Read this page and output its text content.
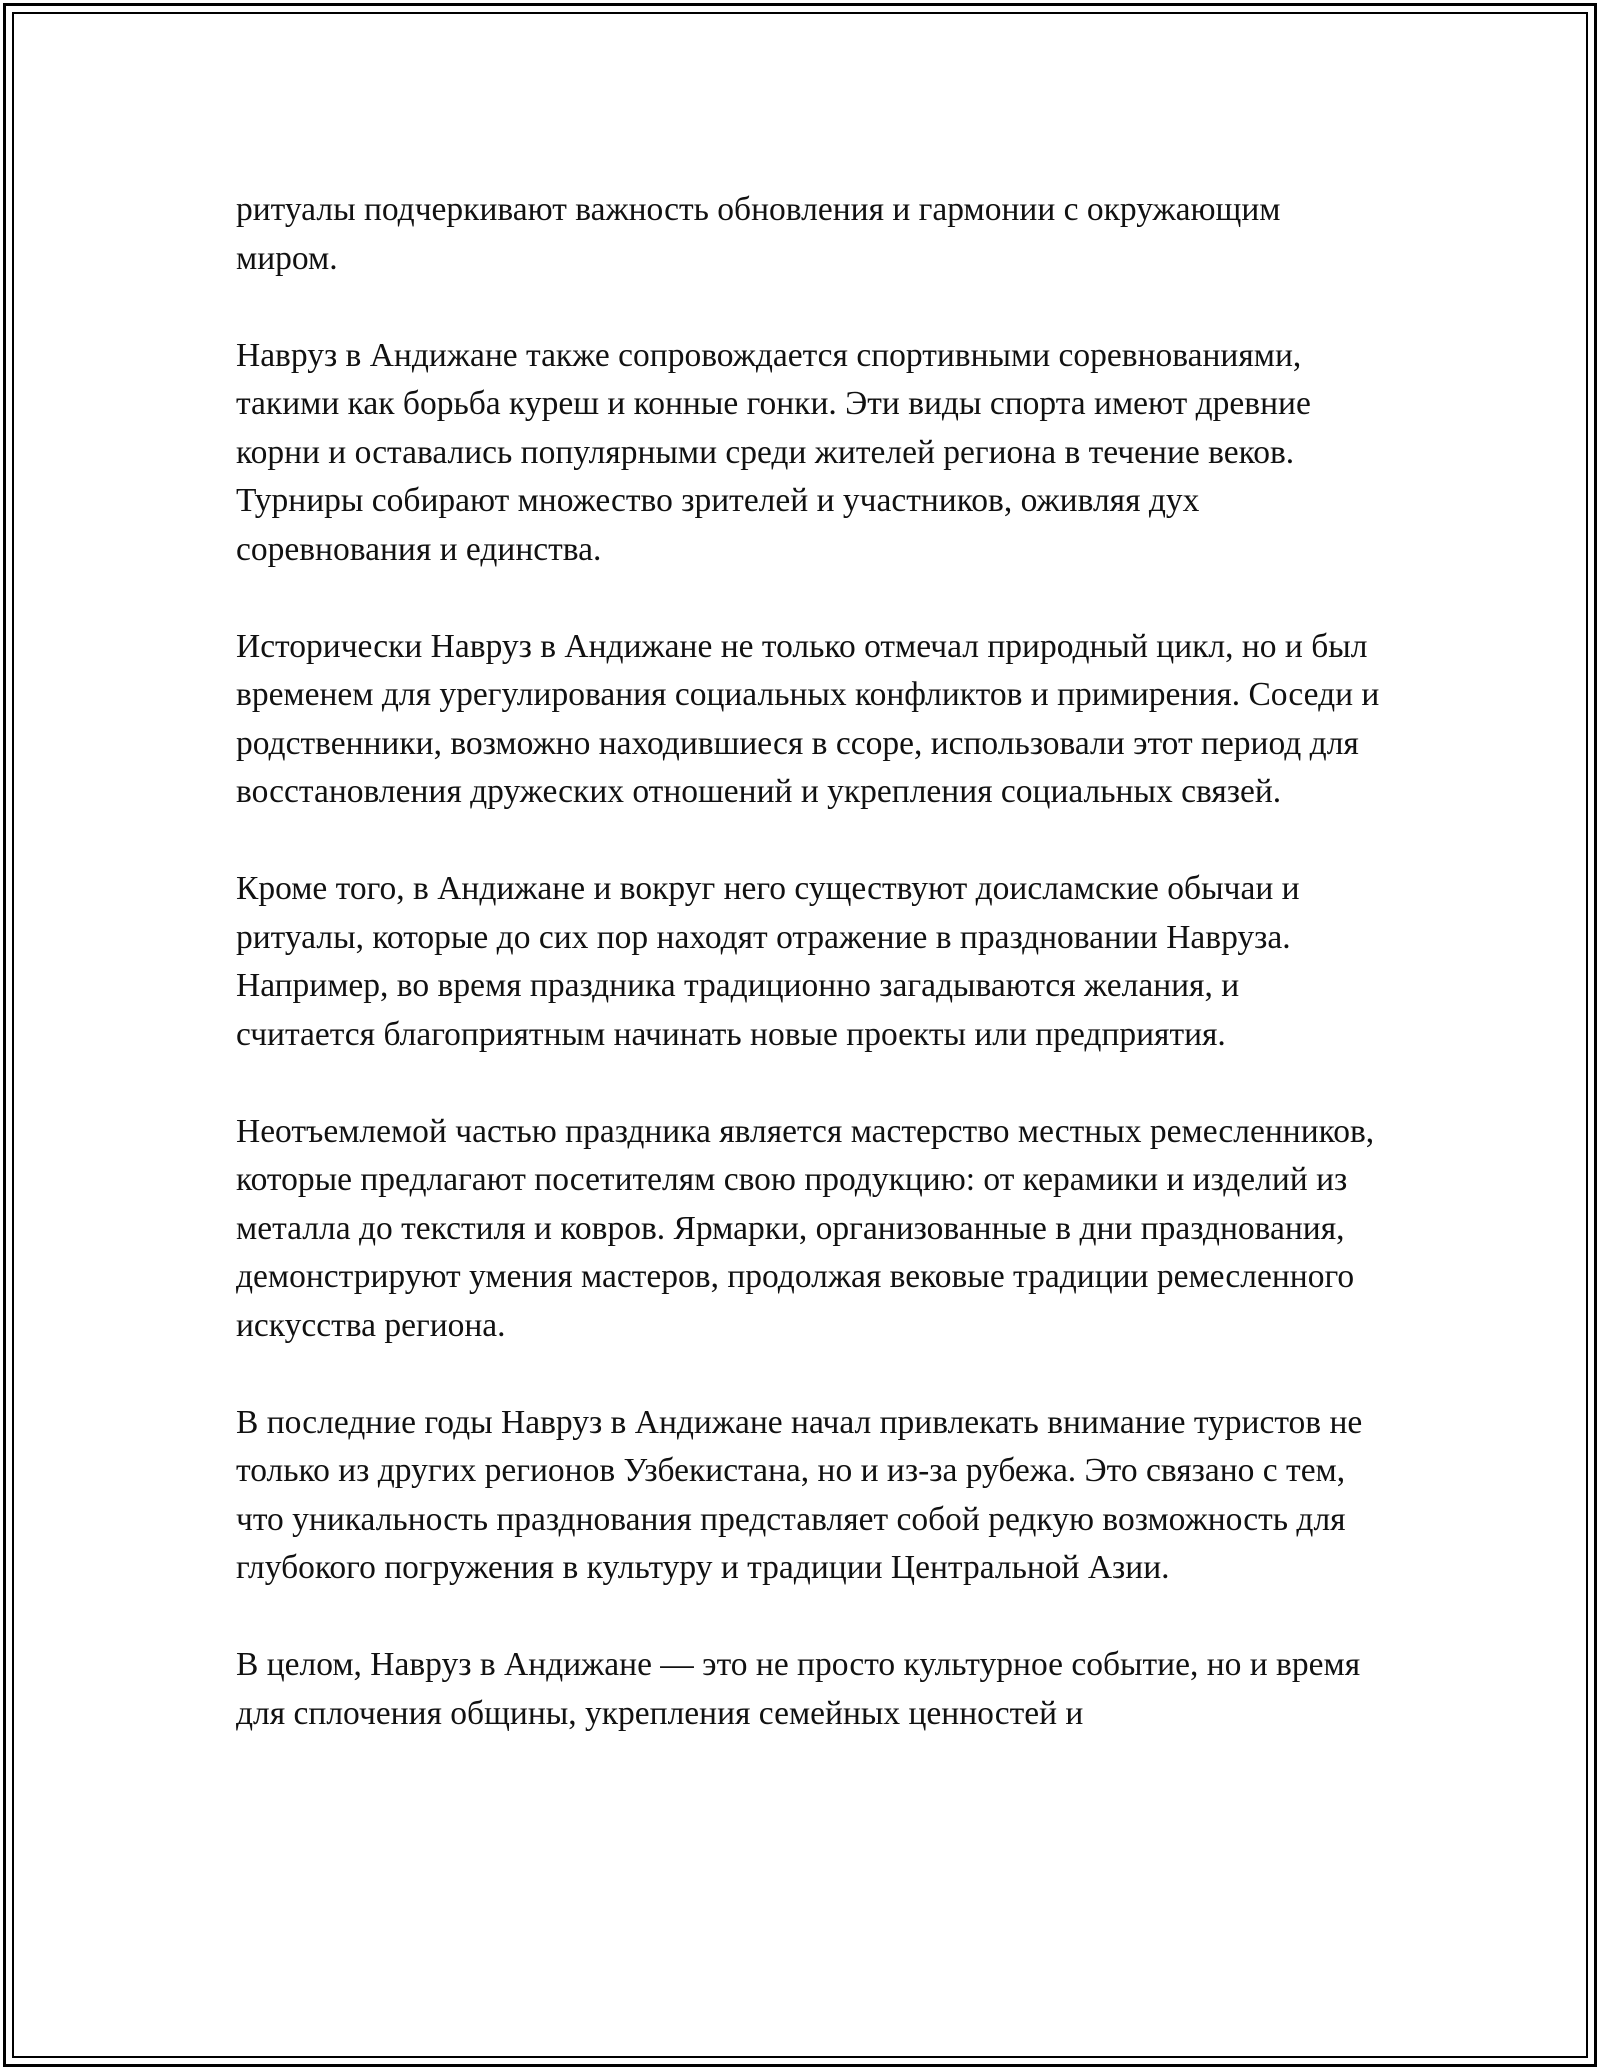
ритуалы подчеркивают важность обновления и гармонии с окружающим миром.

Навруз в Андижане также сопровождается спортивными соревнованиями, такими как борьба куреш и конные гонки. Эти виды спорта имеют древние корни и оставались популярными среди жителей региона в течение веков. Турниры собирают множество зрителей и участников, оживляя дух соревнования и единства.

Исторически Навруз в Андижане не только отмечал природный цикл, но и был временем для урегулирования социальных конфликтов и примирения. Соседи и родственники, возможно находившиеся в ссоре, использовали этот период для восстановления дружеских отношений и укрепления социальных связей.

Кроме того, в Андижане и вокруг него существуют доисламские обычаи и ритуалы, которые до сих пор находят отражение в праздновании Навруза. Например, во время праздника традиционно загадываются желания, и считается благоприятным начинать новые проекты или предприятия.

Неотъемлемой частью праздника является мастерство местных ремесленников, которые предлагают посетителям свою продукцию: от керамики и изделий из металла до текстиля и ковров. Ярмарки, организованные в дни празднования, демонстрируют умения мастеров, продолжая вековые традиции ремесленного искусства региона.

В последние годы Навруз в Андижане начал привлекать внимание туристов не только из других регионов Узбекистана, но и из-за рубежа. Это связано с тем, что уникальность празднования представляет собой редкую возможность для глубокого погружения в культуру и традиции Центральной Азии.

В целом, Навруз в Андижане — это не просто культурное событие, но и время для сплочения общины, укрепления семейных ценностей и
